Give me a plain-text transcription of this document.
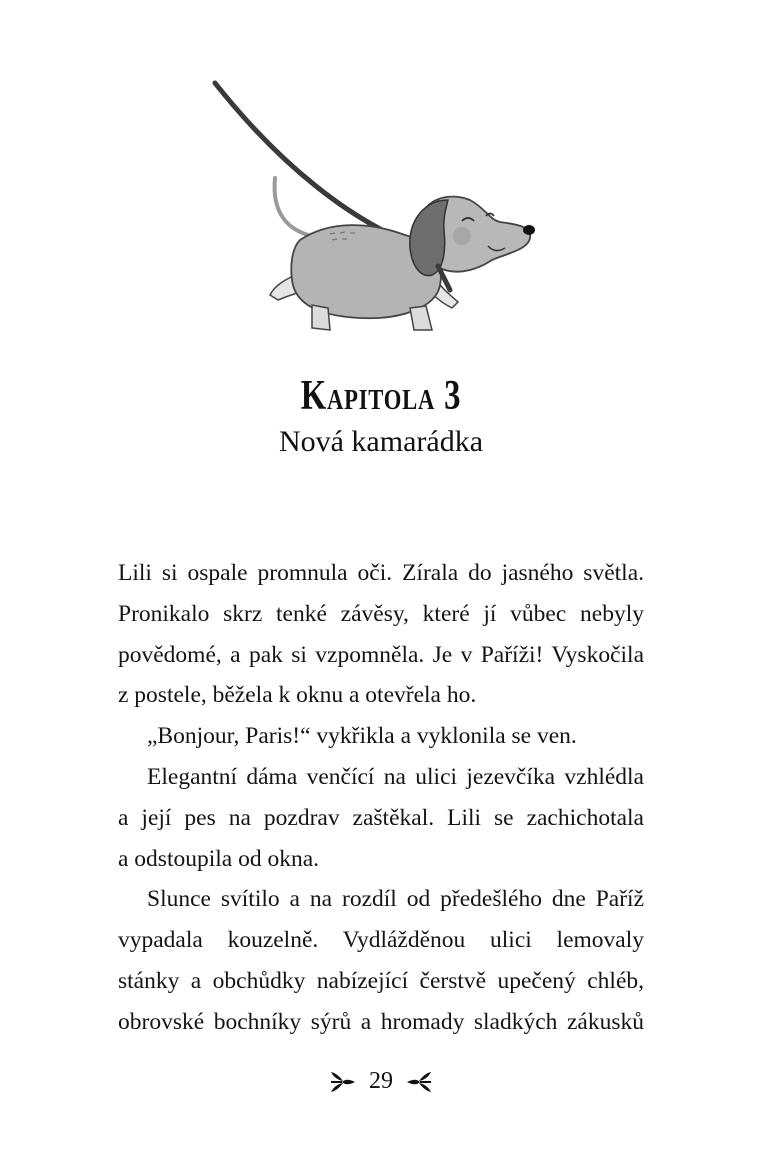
Kapitola 3
Nová kamarádka
Lili si ospale promnula oči. Zírala do jasného světla.
Pronikalo skrz tenké závěsy, které jí vůbec nebyly
povědomé, a pak si vzpomněla. Je v Paříži! Vyskočila
z postele, běžela k oknu a otevřela ho.
„Bonjour, Paris!“ vykřikla a vyklonila se ven.
Elegantní dáma venčící na ulici jezevčíka vzhlédla
a její pes na pozdrav zaštěkal. Lili se zachichotala
a odstoupila od okna.
Slunce svítilo a na rozdíl od předešlého dne Paříž
vypadala kouzelně. Vydlážděnou ulici lemovaly
stánky a obchůdky nabízející čerstvě upečený chléb,
obrovské bochníky sýrů a hromady sladkých zákusků
29
